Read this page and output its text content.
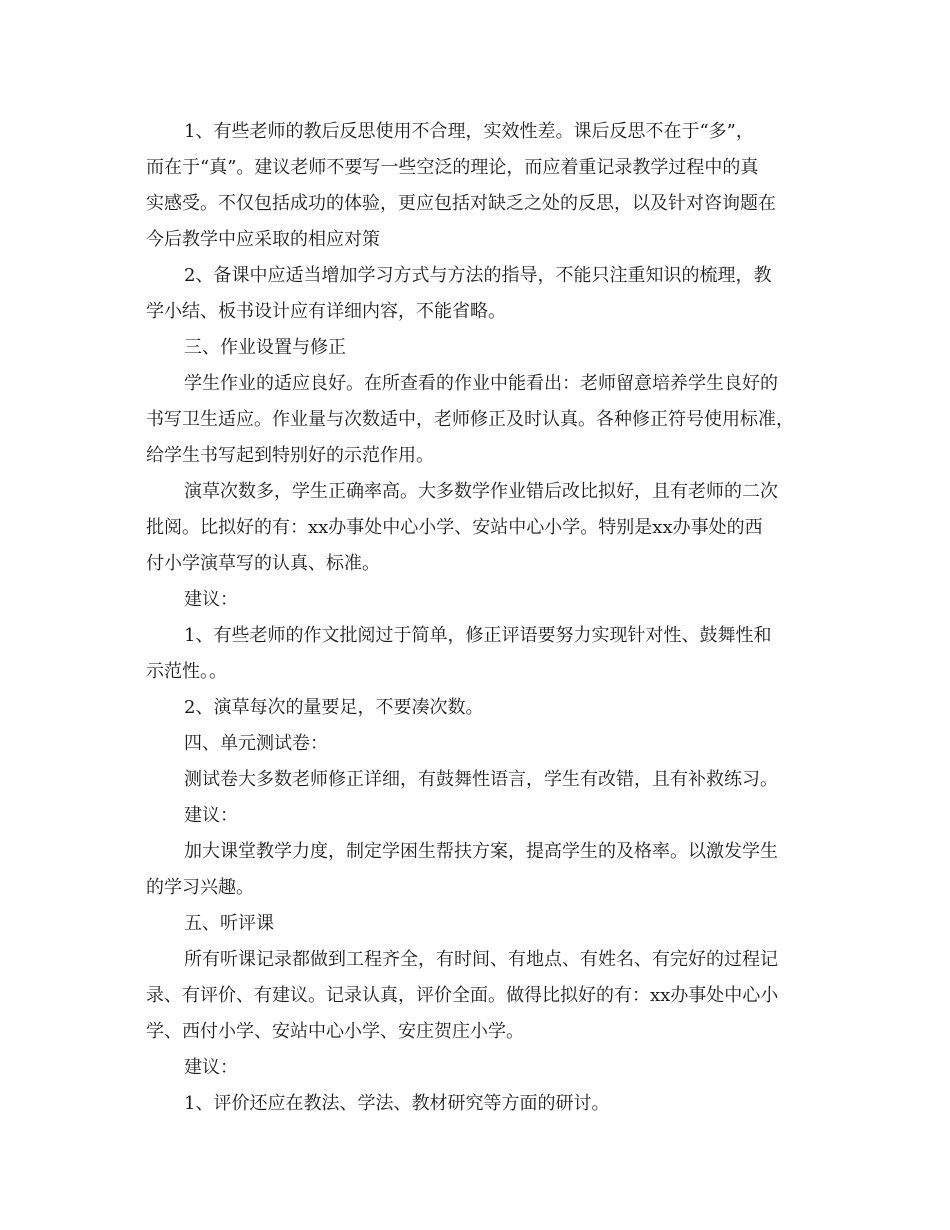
1、有些老师的教后反思使用不合理，实效性差。课后反思不在于“多”，
而在于“真”。建议老师不要写一些空泛的理论，而应着重记录教学过程中的真
实感受。不仅包括成功的体验，更应包括对缺乏之处的反思，以及针对咨询题在
今后教学中应采取的相应对策
2、备课中应适当增加学习方式与方法的指导，不能只注重知识的梳理，教
学小结、板书设计应有详细内容，不能省略。
三、作业设置与修正
学生作业的适应良好。在所查看的作业中能看出：老师留意培养学生良好的
书写卫生适应。作业量与次数适中，老师修正及时认真。各种修正符号使用标准，
给学生书写起到特别好的示范作用。
演草次数多，学生正确率高。大多数学作业错后改比拟好，且有老师的二次
批阅。比拟好的有：xx办事处中心小学、安站中心小学。特别是xx办事处的西
付小学演草写的认真、标准。
建议：
1、有些老师的作文批阅过于简单，修正评语要努力实现针对性、鼓舞性和
示范性。。
2、演草每次的量要足，不要凑次数。
四、单元测试卷：
测试卷大多数老师修正详细，有鼓舞性语言，学生有改错，且有补救练习。
建议：
加大课堂教学力度，制定学困生帮扶方案，提高学生的及格率。以激发学生
的学习兴趣。
五、听评课
所有听课记录都做到工程齐全，有时间、有地点、有姓名、有完好的过程记
录、有评价、有建议。记录认真，评价全面。做得比拟好的有：xx办事处中心小
学、西付小学、安站中心小学、安庄贺庄小学。
建议：
1、评价还应在教法、学法、教材研究等方面的研讨。
